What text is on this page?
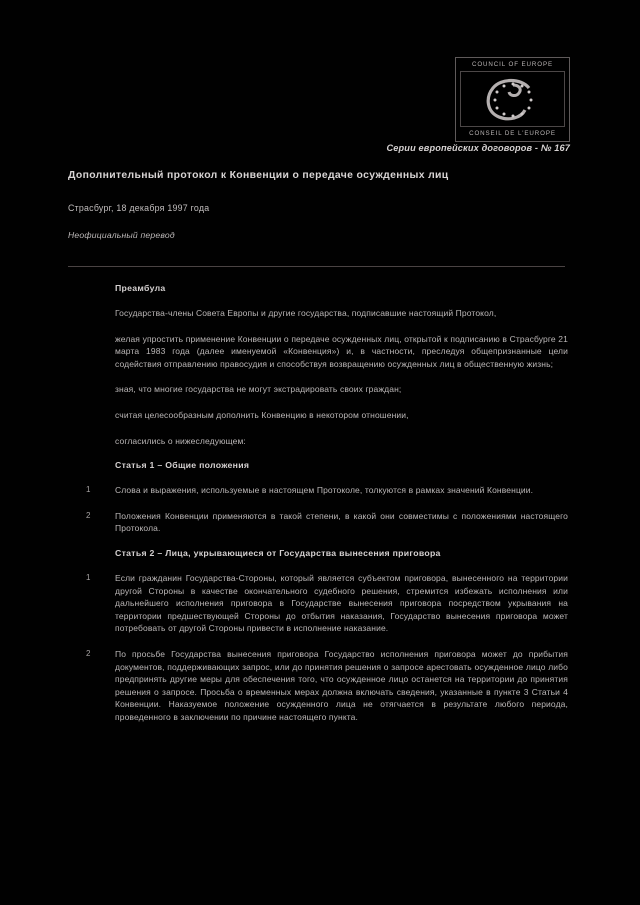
COUNCIL OF EUROPE
CONSEIL DE L'EUROPE
Серии европейских договоров - № 167
Дополнительный протокол к Конвенции о передаче осужденных лиц
Страсбург, 18 декабря 1997 года
Неофициальный перевод
Преамбула
Государства-члены Совета Европы и другие государства, подписавшие настоящий Протокол,
желая упростить применение Конвенции о передаче осужденных лиц, открытой к подписанию в Страсбурге 21 марта 1983 года (далее именуемой «Конвенция») и, в частности, преследуя общепризнанные цели содействия отправлению правосудия и способствуя возвращению осужденных лиц в общественную жизнь;
зная, что многие государства не могут экстрадировать своих граждан;
считая целесообразным дополнить Конвенцию в некотором отношении,
согласились о нижеследующем:
Статья 1 – Общие положения
1	Слова и выражения, используемые в настоящем Протоколе, толкуются в рамках значений Конвенции.
2	Положения Конвенции применяются в такой степени, в какой они совместимы с положениями настоящего Протокола.
Статья 2 – Лица, укрывающиеся от Государства вынесения приговора
1	Если гражданин Государства-Стороны, который является субъектом приговора, вынесенного на территории другой Стороны в качестве окончательного судебного решения, стремится избежать исполнения или дальнейшего исполнения приговора в Государстве вынесения приговора посредством укрывания на территории предшествующей Стороны до отбытия наказания, Государство вынесения приговора может потребовать от другой Стороны привести в исполнение наказание.
2	По просьбе Государства вынесения приговора Государство исполнения приговора может до прибытия документов, поддерживающих запрос, или до принятия решения о запросе арестовать осужденное лицо либо предпринять другие меры для обеспечения того, что осужденное лицо останется на территории до принятия решения о запросе. Просьба о временных мерах должна включать сведения, указанные в пункте 3 Статьи 4 Конвенции. Наказуемое положение осужденного лица не отягчается в результате любого периода, проведенного в заключении по причине настоящего пункта.
